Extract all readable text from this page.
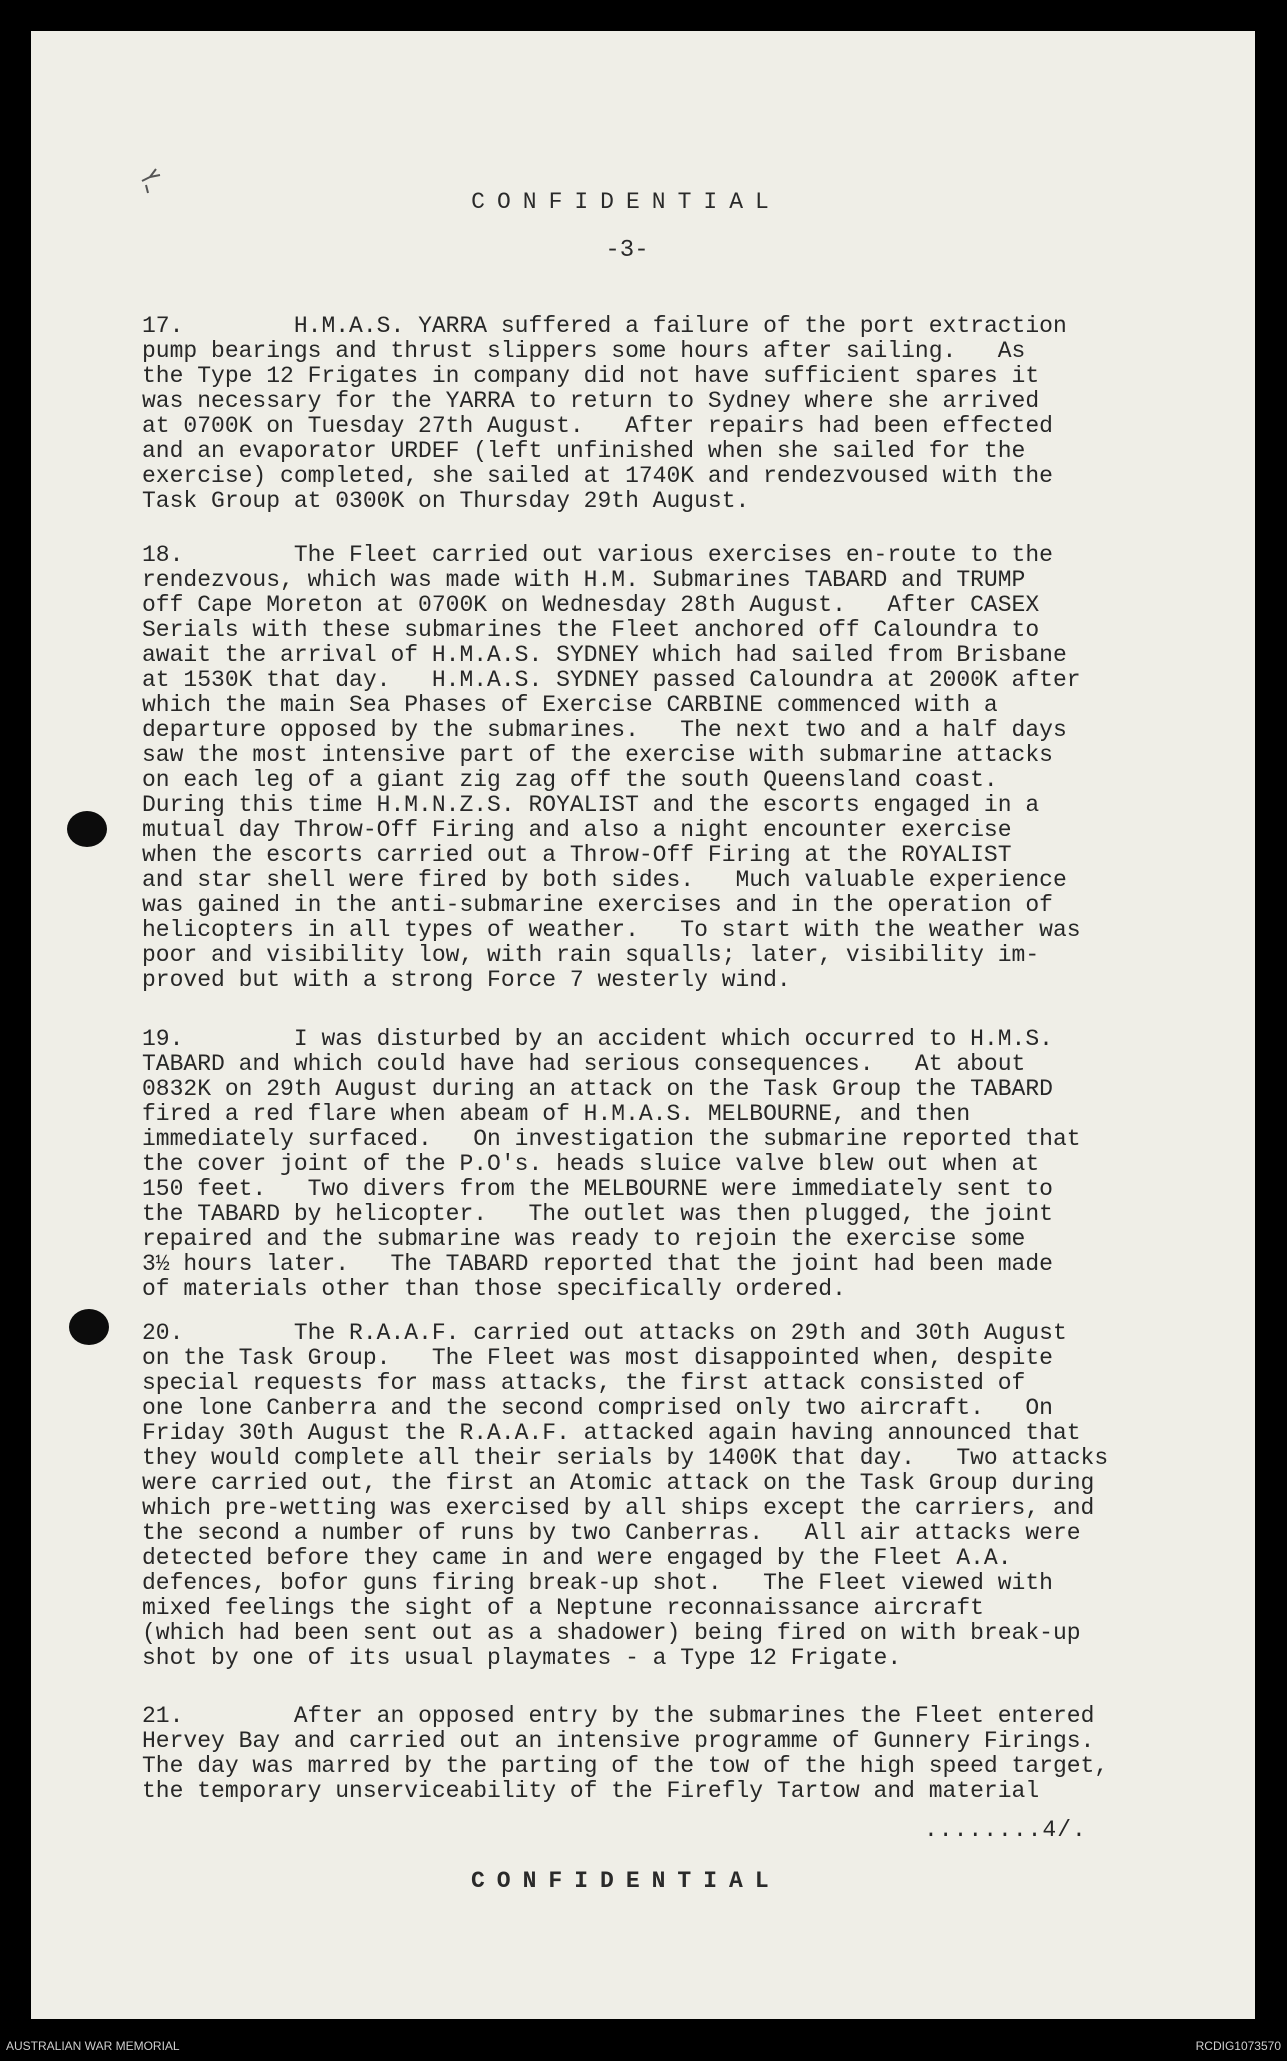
CONFIDENTIAL
-3-
17.	H.M.A.S. YARRA suffered a failure of the port extraction
pump bearings and thrust slippers some hours after sailing.   As
the Type 12 Frigates in company did not have sufficient spares it
was necessary for the YARRA to return to Sydney where she arrived
at 0700K on Tuesday 27th August.   After repairs had been effected
and an evaporator URDEF (left unfinished when she sailed for the
exercise) completed, she sailed at 1740K and rendezvoused with the
Task Group at 0300K on Thursday 29th August.
18.	The Fleet carried out various exercises en-route to the
rendezvous, which was made with H.M. Submarines TABARD and TRUMP
off Cape Moreton at 0700K on Wednesday 28th August.   After CASEX
Serials with these submarines the Fleet anchored off Caloundra to
await the arrival of H.M.A.S. SYDNEY which had sailed from Brisbane
at 1530K that day.   H.M.A.S. SYDNEY passed Caloundra at 2000K after
which the main Sea Phases of Exercise CARBINE commenced with a
departure opposed by the submarines.   The next two and a half days
saw the most intensive part of the exercise with submarine attacks
on each leg of a giant zig zag off the south Queensland coast.
During this time H.M.N.Z.S. ROYALIST and the escorts engaged in a
mutual day Throw-Off Firing and also a night encounter exercise
when the escorts carried out a Throw-Off Firing at the ROYALIST
and star shell were fired by both sides.   Much valuable experience
was gained in the anti-submarine exercises and in the operation of
helicopters in all types of weather.   To start with the weather was
poor and visibility low, with rain squalls; later, visibility im-
proved but with a strong Force 7 westerly wind.
19.	I was disturbed by an accident which occurred to H.M.S.
TABARD and which could have had serious consequences.   At about
0832K on 29th August during an attack on the Task Group the TABARD
fired a red flare when abeam of H.M.A.S. MELBOURNE, and then
immediately surfaced.   On investigation the submarine reported that
the cover joint of the P.O's. heads sluice valve blew out when at
150 feet.   Two divers from the MELBOURNE were immediately sent to
the TABARD by helicopter.   The outlet was then plugged, the joint
repaired and the submarine was ready to rejoin the exercise some
3½ hours later.   The TABARD reported that the joint had been made
of materials other than those specifically ordered.
20.	The R.A.A.F. carried out attacks on 29th and 30th August
on the Task Group.   The Fleet was most disappointed when, despite
special requests for mass attacks, the first attack consisted of
one lone Canberra and the second comprised only two aircraft.   On
Friday 30th August the R.A.A.F. attacked again having announced that
they would complete all their serials by 1400K that day.   Two attacks
were carried out, the first an Atomic attack on the Task Group during
which pre-wetting was exercised by all ships except the carriers, and
the second a number of runs by two Canberras.   All air attacks were
detected before they came in and were engaged by the Fleet A.A.
defences, bofor guns firing break-up shot.   The Fleet viewed with
mixed feelings the sight of a Neptune reconnaissance aircraft
(which had been sent out as a shadower) being fired on with break-up
shot by one of its usual playmates - a Type 12 Frigate.
21.	After an opposed entry by the submarines the Fleet entered
Hervey Bay and carried out an intensive programme of Gunnery Firings.
The day was marred by the parting of the tow of the high speed target,
the temporary unserviceability of the Firefly Tartow and material
........4/.
CONFIDENTIAL
AUSTRALIAN WAR MEMORIAL	RCDIG1073570
